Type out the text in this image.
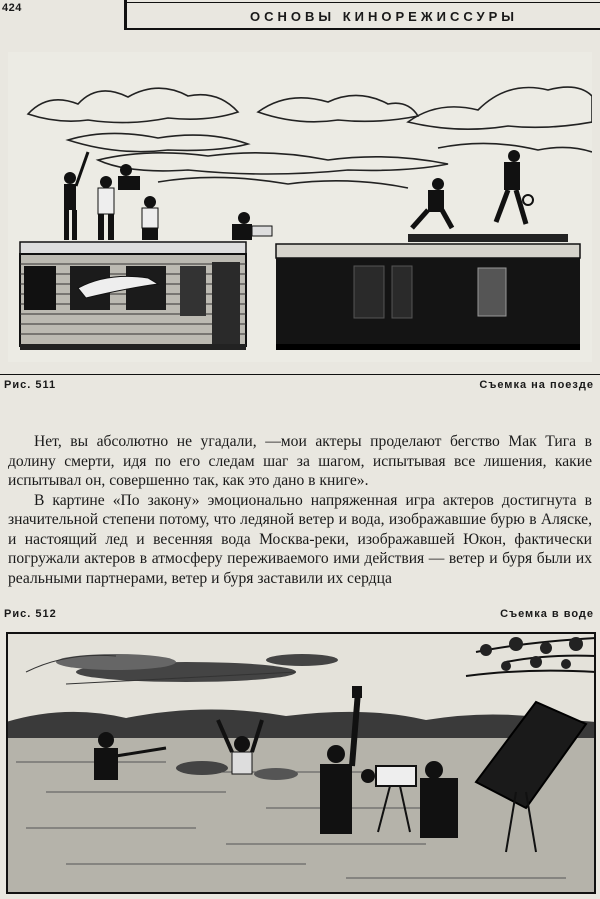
424
ОСНОВЫ КИНОРЕЖИССУРЫ
Рис. 511	Съемка на поезде

Нет, вы абсолютно не угадали, —мои актеры проделают бегство Мак Тига в долину смерти, идя по его следам шаг за шагом, испытывая все лишения, какие испытывал он, совершенно так, как это дано в книге».

В картине «По закону» эмоционально напряженная игра актеров достигнута в значительной степени потому, что ледяной ветер и вода, изображавшие бурю в Аляске, и настоящий лед и весенняя вода Москва-реки, изображавшей Юкон, фактически погружали актеров в атмосферу переживаемого ими действия — ветер и буря были их реальными партнерами, ветер и буря заставили их сердца

Рис. 512	Съемка в воде
